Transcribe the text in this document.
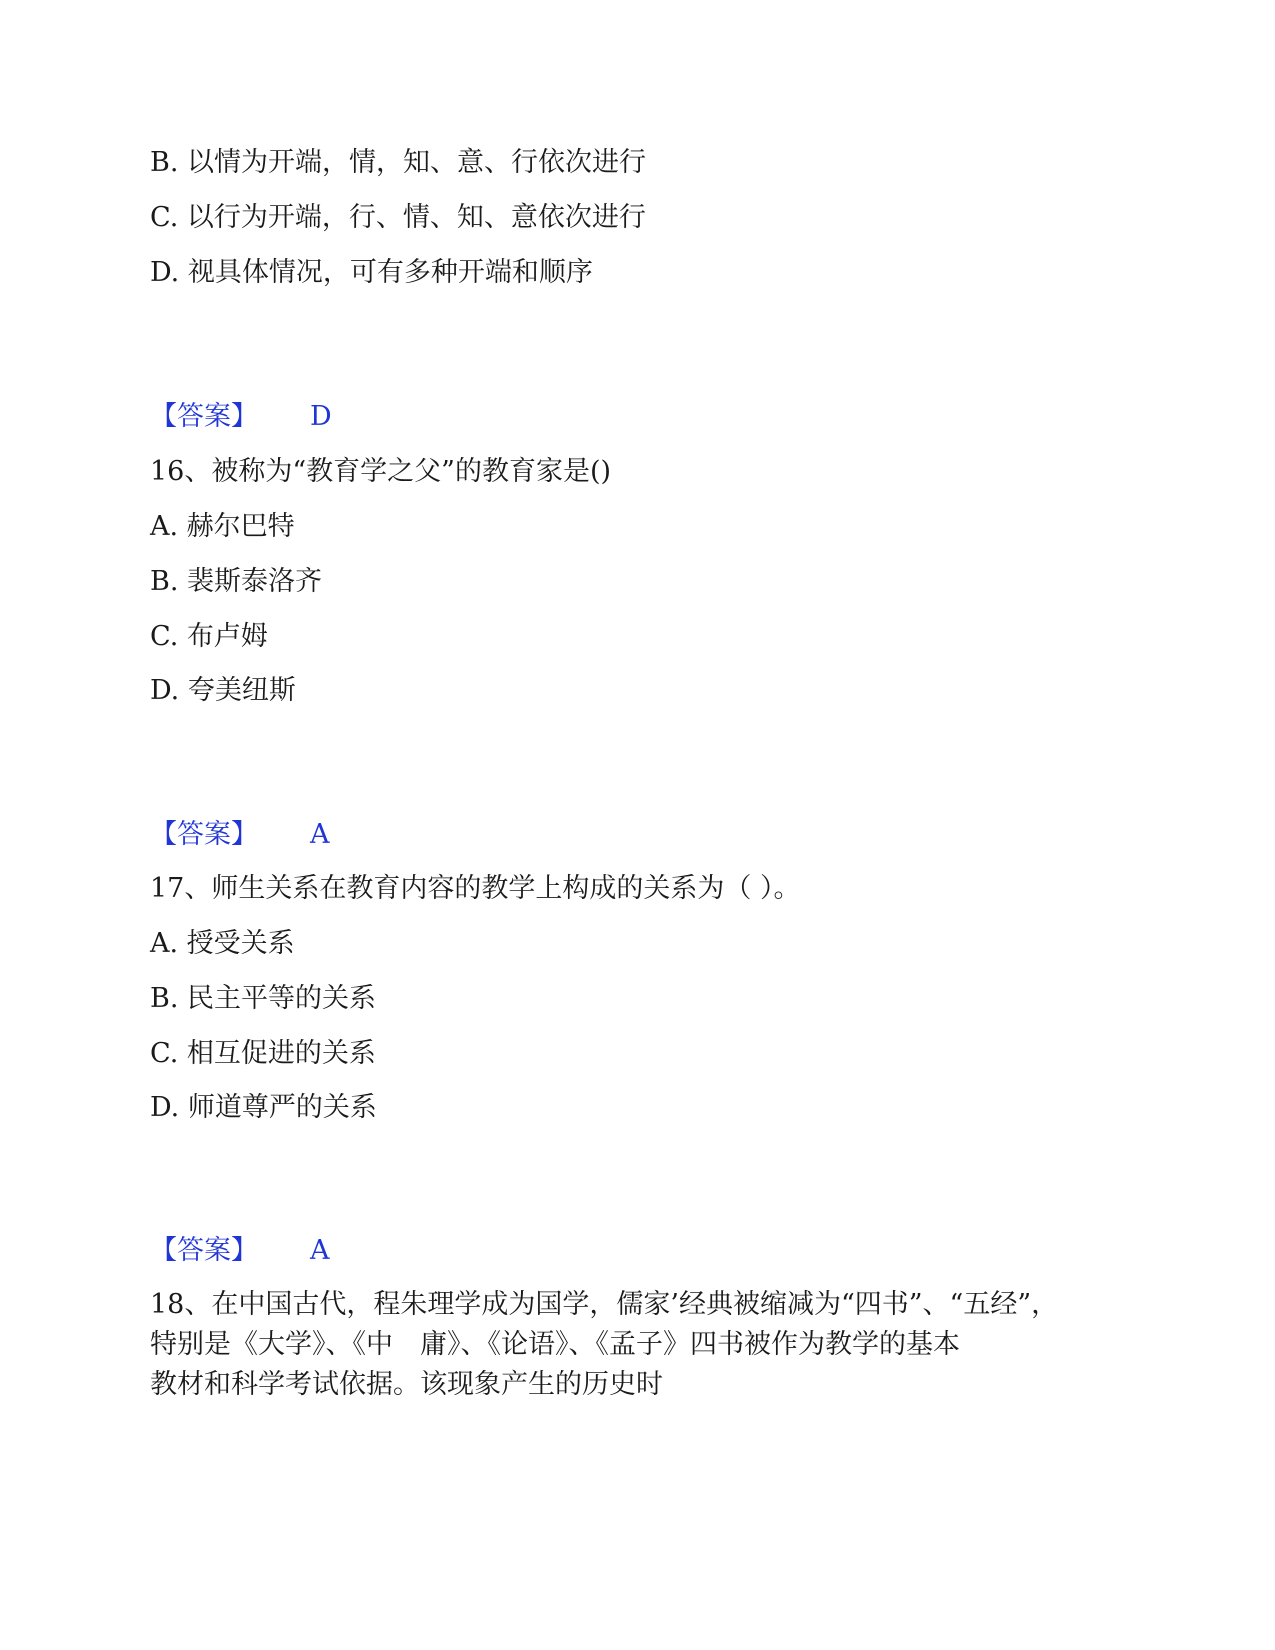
B. 以情为开端，情，知、意、行依次进行
C. 以行为开端，行、情、知、意依次进行
D. 视具体情况，可有多种开端和顺序
【答案】 D
16、被称为“教育学之父”的教育家是()
A. 赫尔巴特
B. 裴斯泰洛齐
C. 布卢姆
D. 夸美纽斯
【答案】 A
17、师生关系在教育内容的教学上构成的关系为（ ）。
A. 授受关系
B. 民主平等的关系
C. 相互促进的关系
D. 师道尊严的关系
【答案】 A
18、在中国古代，程朱理学成为国学，儒家’经典被缩减为“四书”、“五经”，
特别是《大学》、《中　庸》、《论语》、《孟子》四书被作为教学的基本
教材和科学考试依据。该现象产生的历史时
